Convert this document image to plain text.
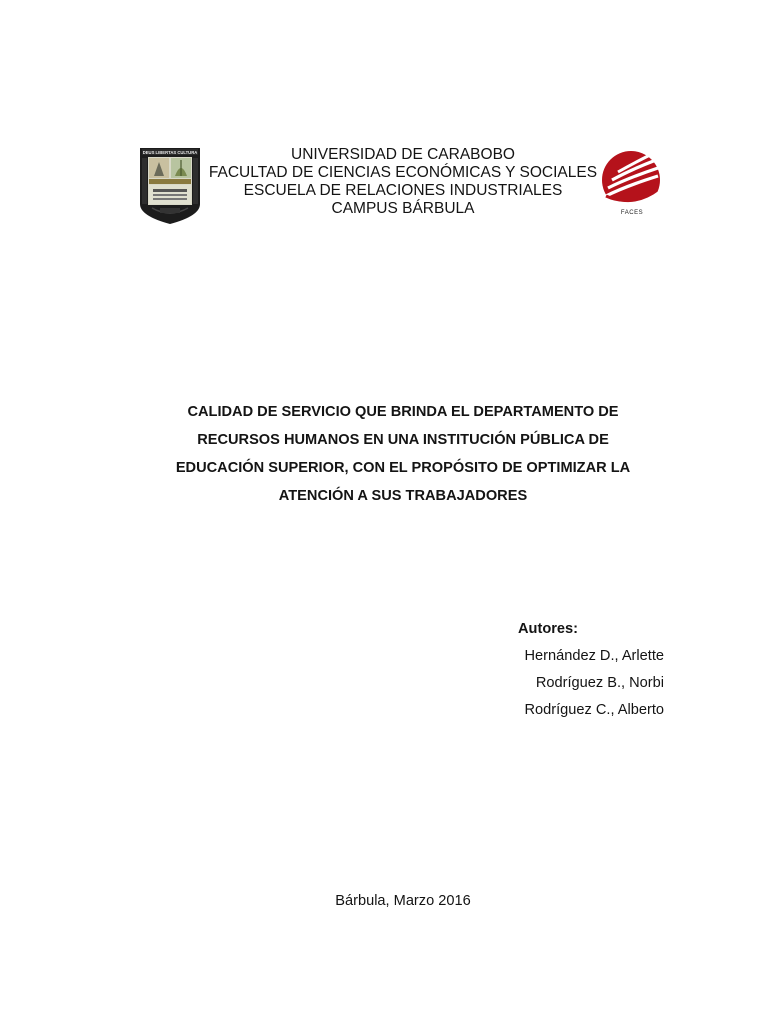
DEUS LIBERTAS CULTURA	UNIVERSIDAD DE CARABOBO
FACULTAD DE CIENCIAS ECONÓMICAS Y SOCIALES
ESCUELA DE RELACIONES INDUSTRIALES
CAMPUS BÁRBULA	FACES
CALIDAD DE SERVICIO QUE BRINDA EL DEPARTAMENTO DE
RECURSOS HUMANOS EN UNA INSTITUCIÓN PÚBLICA DE
EDUCACIÓN SUPERIOR, CON EL PROPÓSITO DE OPTIMIZAR LA
ATENCIÓN A SUS TRABAJADORES
Autores:
Hernández D., Arlette
Rodríguez B., Norbi
Rodríguez C., Alberto
Bárbula, Marzo 2016
